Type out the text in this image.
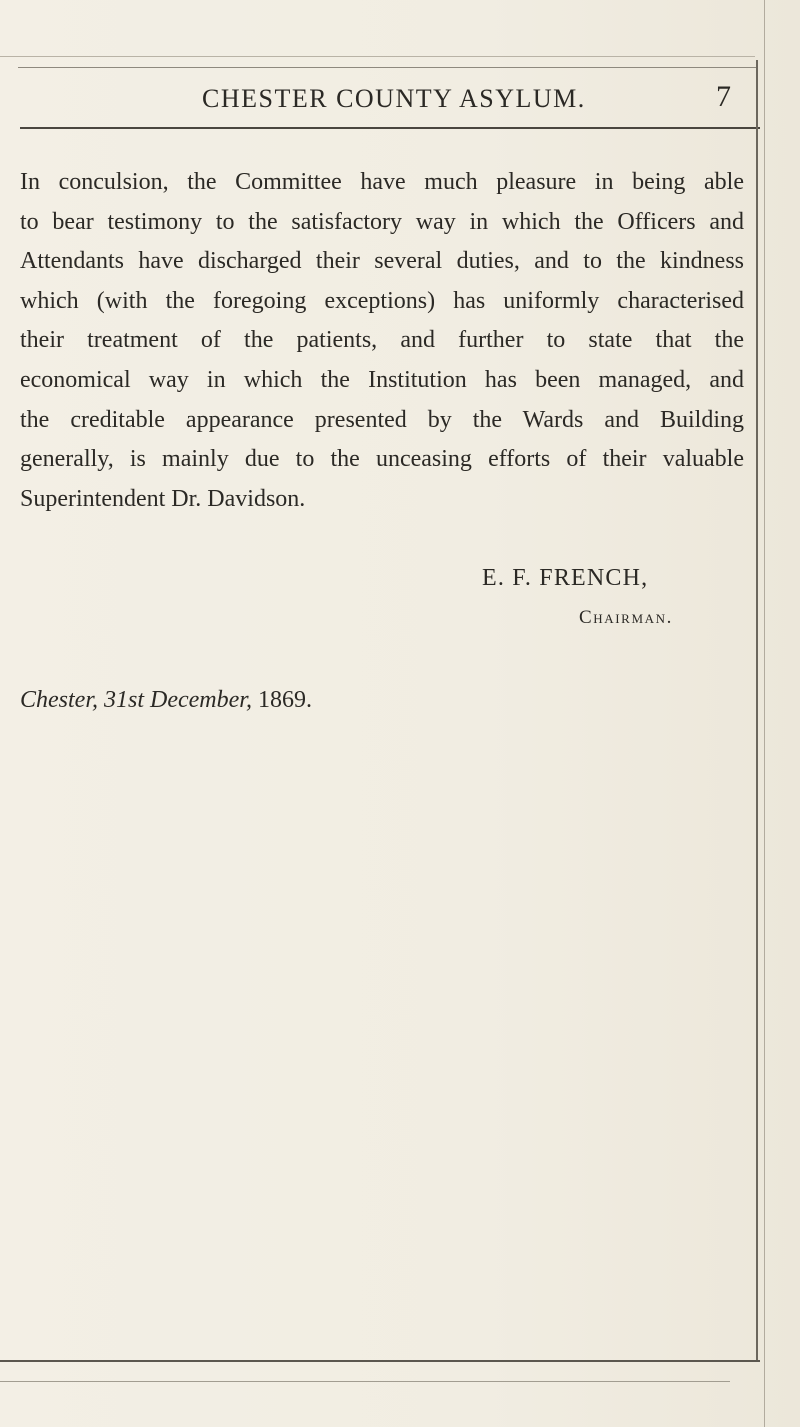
CHESTER COUNTY ASYLUM.	7
In conculsion, the Committee have much pleasure in being able
to bear testimony to the satisfactory way in which the Officers and
Attendants have discharged their several duties, and to the kindness
which (with the foregoing exceptions) has uniformly characterised
their treatment of the patients, and further to state that the
economical way in which the Institution has been managed, and
the creditable appearance presented by the Wards and Building
generally, is mainly due to the unceasing efforts of their valuable
Superintendent Dr. Davidson.
E. F. FRENCH,
Chairman.
Chester, 31st December, 1869.
